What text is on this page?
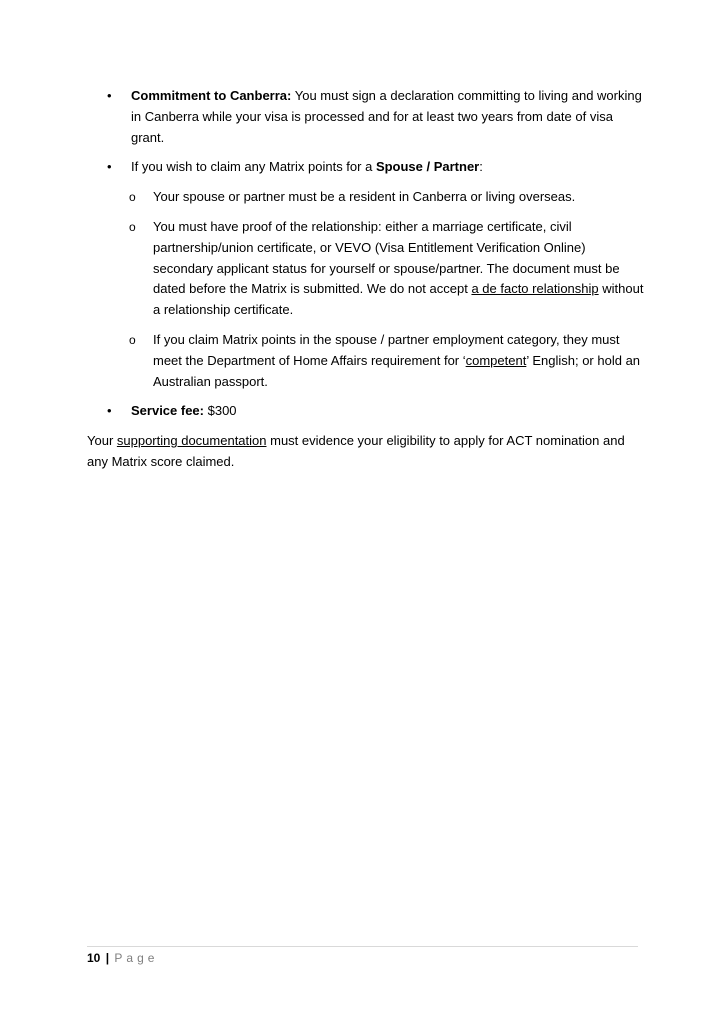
• Commitment to Canberra: You must sign a declaration committing to living and working in Canberra while your visa is processed and for at least two years from date of visa grant.
• If you wish to claim any Matrix points for a Spouse / Partner:
o Your spouse or partner must be a resident in Canberra or living overseas.
o You must have proof of the relationship: either a marriage certificate, civil partnership/union certificate, or VEVO (Visa Entitlement Verification Online) secondary applicant status for yourself or spouse/partner. The document must be dated before the Matrix is submitted. We do not accept a de facto relationship without a relationship certificate.
o If you claim Matrix points in the spouse / partner employment category, they must meet the Department of Home Affairs requirement for ‘competent’ English; or hold an Australian passport.
• Service fee: $300
Your supporting documentation must evidence your eligibility to apply for ACT nomination and any Matrix score claimed.
10 | Page
